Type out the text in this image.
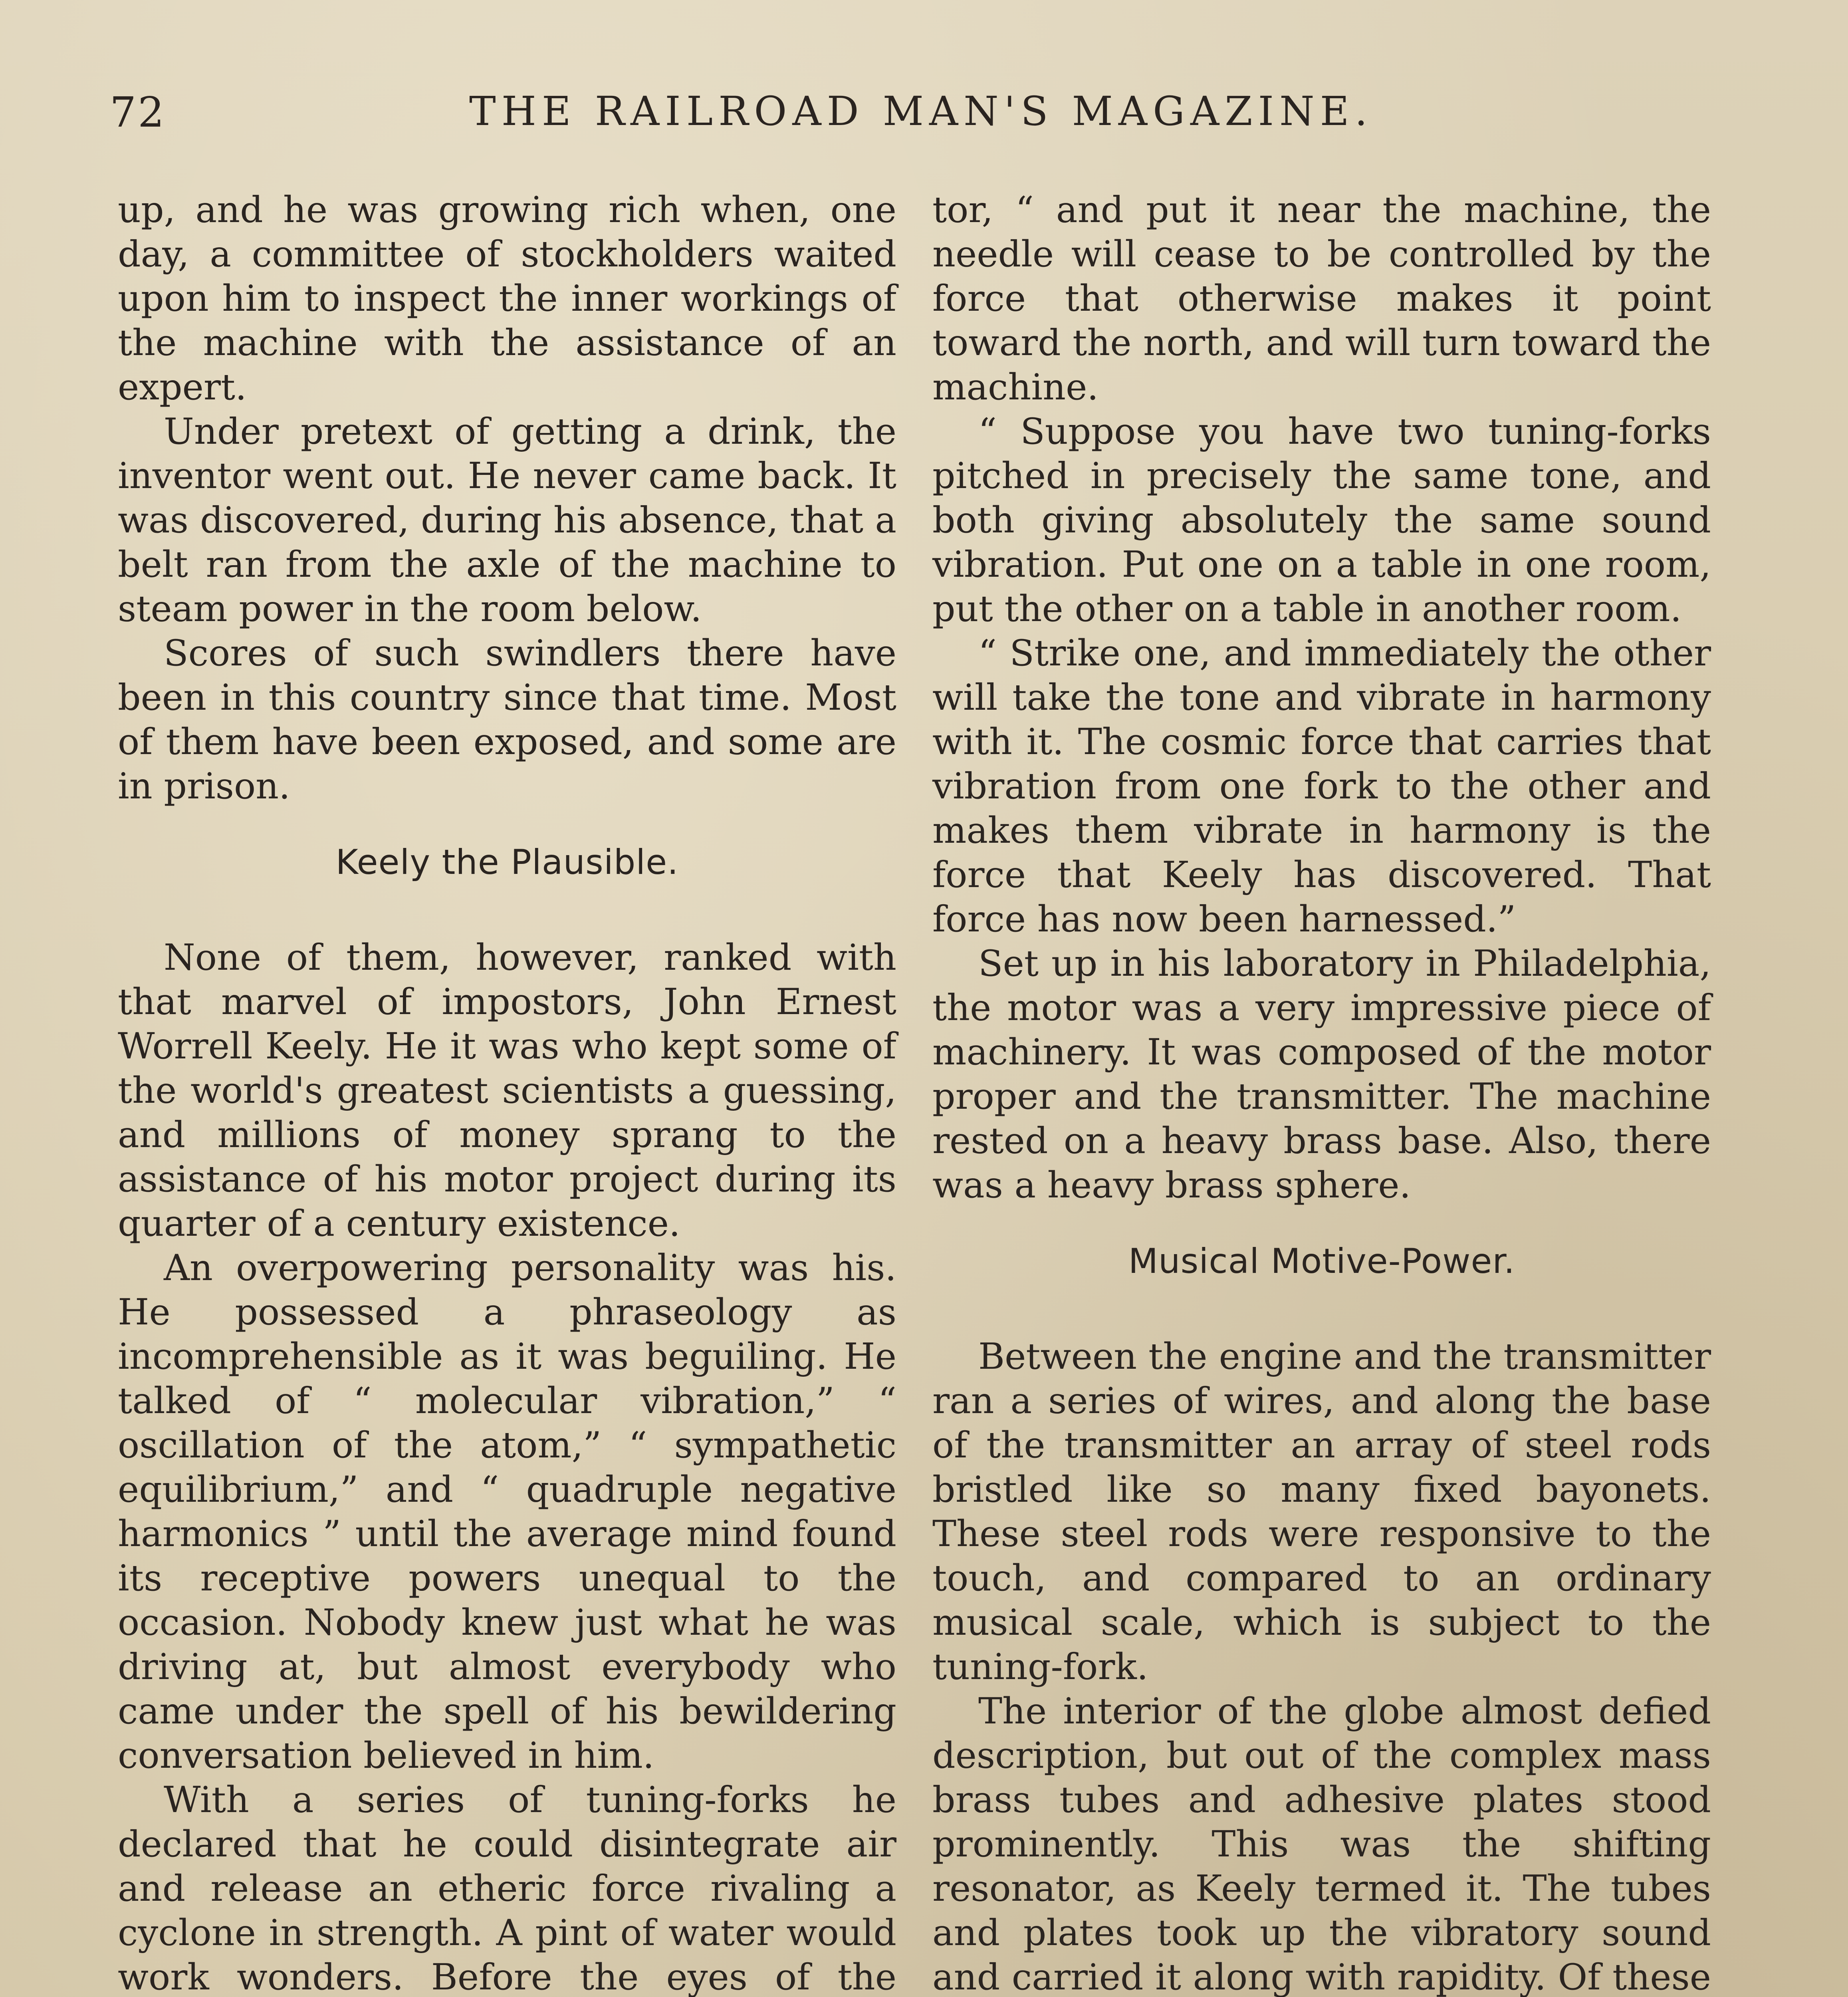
72	THE RAILROAD MAN'S MAGAZINE.

up, and he was growing rich when, one day, a committee of stockholders waited upon him to inspect the inner workings of the machine with the assistance of an expert.

Under pretext of getting a drink, the inventor went out. He never came back. It was discovered, during his absence, that a belt ran from the axle of the machine to steam power in the room below.

Scores of such swindlers there have been in this country since that time. Most of them have been exposed, and some are in prison.

Keely the Plausible.

None of them, however, ranked with that marvel of impostors, John Ernest Worrell Keely. He it was who kept some of the world's greatest scientists a guessing, and millions of money sprang to the assistance of his motor project during its quarter of a century existence.

An overpowering personality was his. He possessed a phraseology as incomprehensible as it was beguiling. He talked of “ molecular vibration,” “ oscillation of the atom,” “ sympathetic equilibrium,” and “ quadruple negative harmonics ” until the average mind found its receptive powers unequal to the occasion. Nobody knew just what he was driving at, but almost everybody who came under the spell of his bewildering conversation believed in him.

With a series of tuning-forks he declared that he could disintegrate air and release an etheric force rivaling a cyclone in strength. A pint of water would work wonders. Before the eyes of the

tor, “ and put it near the machine, the needle will cease to be controlled by the force that otherwise makes it point toward the north, and will turn toward the machine.

“ Suppose you have two tuning-forks pitched in precisely the same tone, and both giving absolutely the same sound vibration. Put one on a table in one room, put the other on a table in another room.

“ Strike one, and immediately the other will take the tone and vibrate in harmony with it. The cosmic force that carries that vibration from one fork to the other and makes them vibrate in harmony is the force that Keely has discovered. That force has now been harnessed.”

Set up in his laboratory in Philadelphia, the motor was a very impressive piece of machinery. It was composed of the motor proper and the transmitter. The machine rested on a heavy brass base. Also, there was a heavy brass sphere.

Musical Motive-Power.

Between the engine and the transmitter ran a series of wires, and along the base of the transmitter an array of steel rods bristled like so many fixed bayonets. These steel rods were responsive to the touch, and compared to an ordinary musical scale, which is subject to the tuning-fork.

The interior of the globe almost defied description, but out of the complex mass brass tubes and adhesive plates stood prominently. This was the shifting resonator, as Keely termed it. The tubes and plates took up the vibratory sound and carried it along with rapidity. Of these
